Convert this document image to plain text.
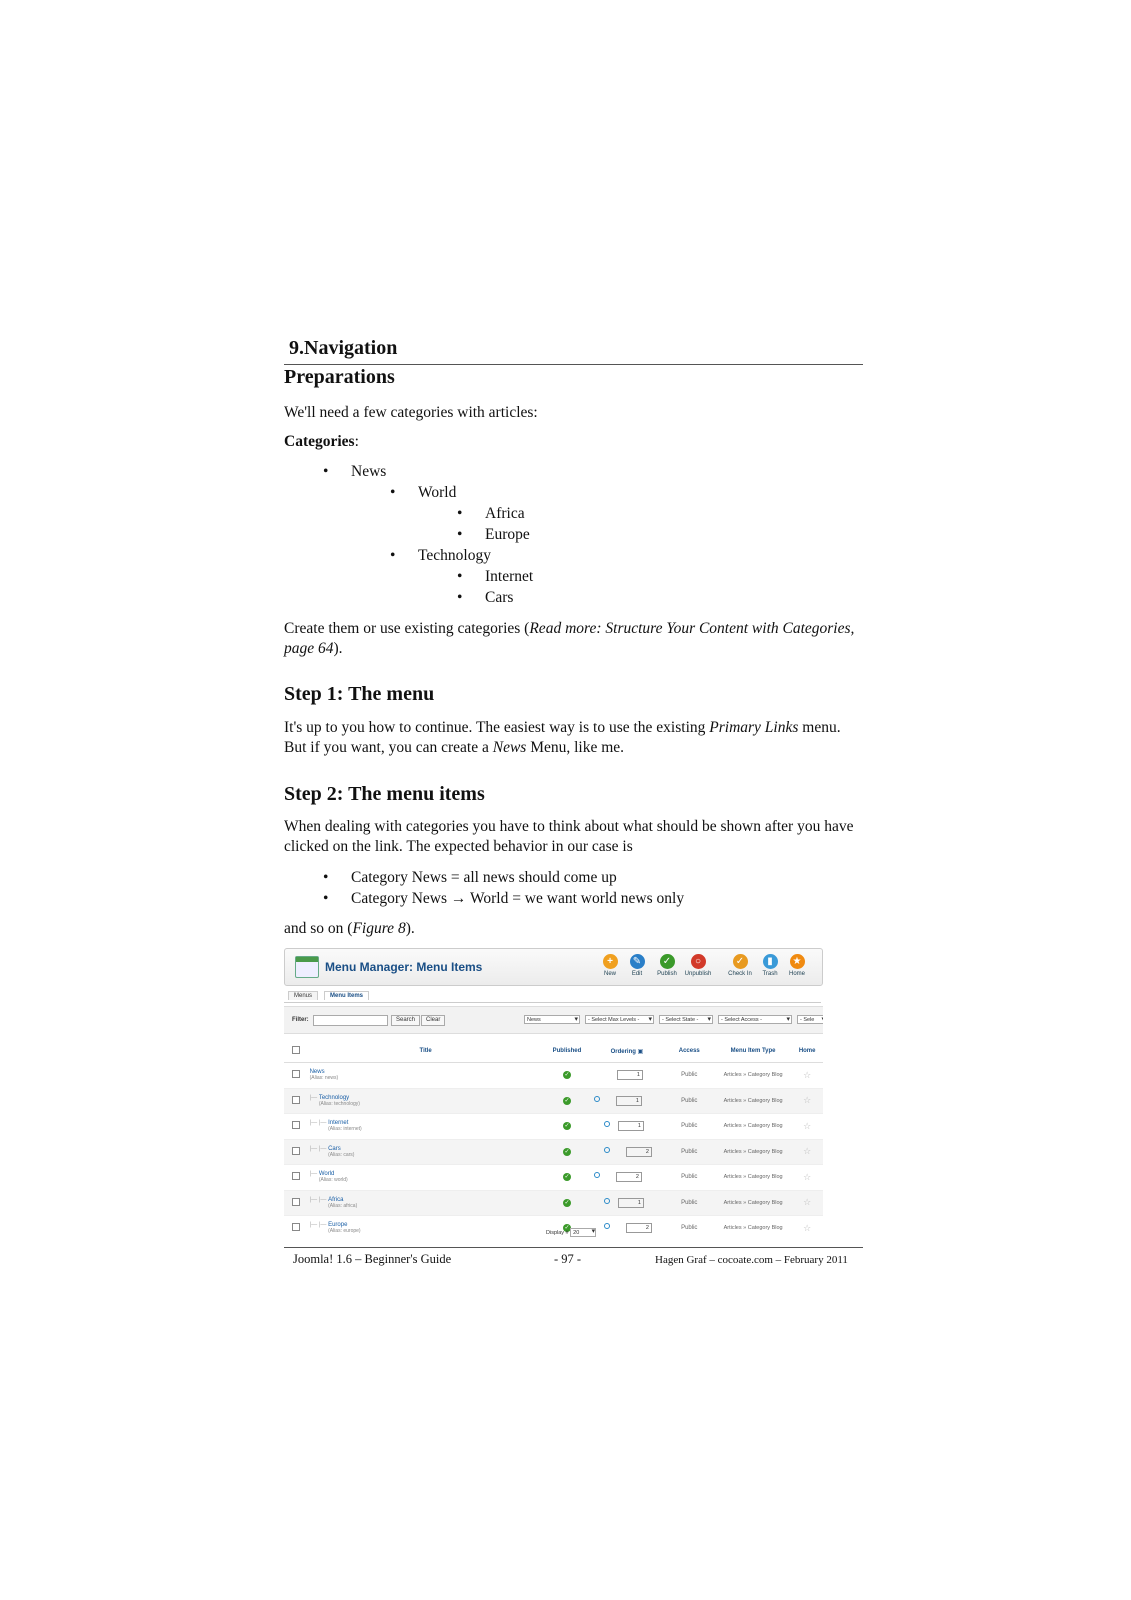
9.Navigation
Preparations

We'll need a few categories with articles:

Categories:

• News
• World
• Africa
• Europe
• Technology
• Internet
• Cars

Create them or use existing categories (Read more: Structure Your Content with Categories, page 64).

Step 1: The menu

It's up to you how to continue. The easiest way is to use the existing Primary Links menu. But if you want, you can create a News Menu, like me.

Step 2: The menu items

When dealing with categories you have to think about what should be shown after you have clicked on the link. The expected behavior in our case is

• Category News = all news should come up
• Category News → World = we want world news only

and so on (Figure 8).

Menu Manager: Menu Items	+
New
✎
Edit
✓
Publish
○
Unpublish
✓
Check In
▮
Trash
★
Home
Menus	Menu Items
Filter:	Search	Clear	News ▾	- Select Max Levels - ▾	- Select State - ▾	- Select Access - ▾	- Sele ▾
	Title	Published	Ordering ▣	Access	Menu Item Type	Home
	News
(Alias: news)	✓	1	Public	Articles » Category Blog	☆
	|— Technology
(Alias: technology)	✓	1	Public	Articles » Category Blog	☆
	|— |— Internet
(Alias: internet)	✓	1	Public	Articles » Category Blog	☆
	|— |— Cars
(Alias: cars)	✓	2	Public	Articles » Category Blog	☆
	|— World
(Alias: world)	✓	2	Public	Articles » Category Blog	☆
	|— |— Africa
(Alias: africa)	✓	1	Public	Articles » Category Blog	☆
	|— |— Europe
(Alias: europe)	✓	2	Public	Articles » Category Blog	☆
Display # 20 ▾
Joomla! 1.6 – Beginner's Guide	- 97 -	Hagen Graf – cocoate.com – February 2011
